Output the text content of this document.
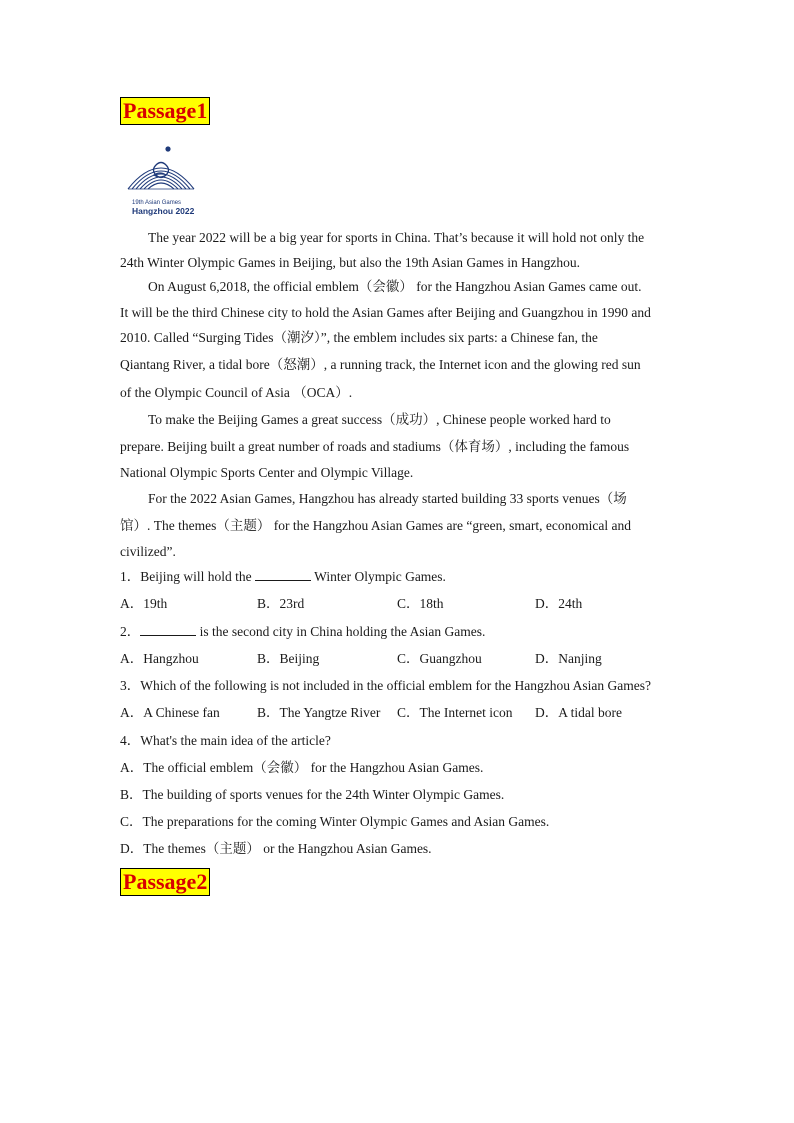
Passage1
19th Asian Games
Hangzhou 2022
The year 2022 will be a big year for sports in China. That’s because it will hold not only the
24th Winter Olympic Games in Beijing, but also the 19th Asian Games in Hangzhou.
On August 6,2018, the official emblem（会徽） for the Hangzhou Asian Games came out.
It will be the third Chinese city to hold the Asian Games after Beijing and Guangzhou in 1990 and
2010. Called “Surging Tides（潮汐）”, the emblem includes six parts: a Chinese fan, the
Qiantang River, a tidal bore（怒潮）, a running track, the Internet icon and the glowing red sun
of the Olympic Council of Asia （OCA）.
To make the Beijing Games a great success（成功）, Chinese people worked hard to
prepare. Beijing built a great number of roads and stadiums（体育场）, including the famous
National Olympic Sports Center and Olympic Village.
For the 2022 Asian Games, Hangzhou has already started building 33 sports venues（场
馆）. The themes（主题） for the Hangzhou Asian Games are “green, smart, economical and
civilized”.
1．Beijing will hold the	Winter Olympic Games.
A．19th	B．23rd	C．18th	D．24th
2．	is the second city in China holding the Asian Games.
A．Hangzhou	B．Beijing	C．Guangzhou	D．Nanjing
3．Which of the following is not included in the official emblem for the Hangzhou Asian Games?
A．A Chinese fan	B．The Yangtze River C．The Internet icon D．A tidal bore
4．What's the main idea of the article?
A．The official emblem（会徽） for the Hangzhou Asian Games.
B．The building of sports venues for the 24th Winter Olympic Games.
C．The preparations for the coming Winter Olympic Games and Asian Games.
D．The themes（主题） or the Hangzhou Asian Games.
Passage2
